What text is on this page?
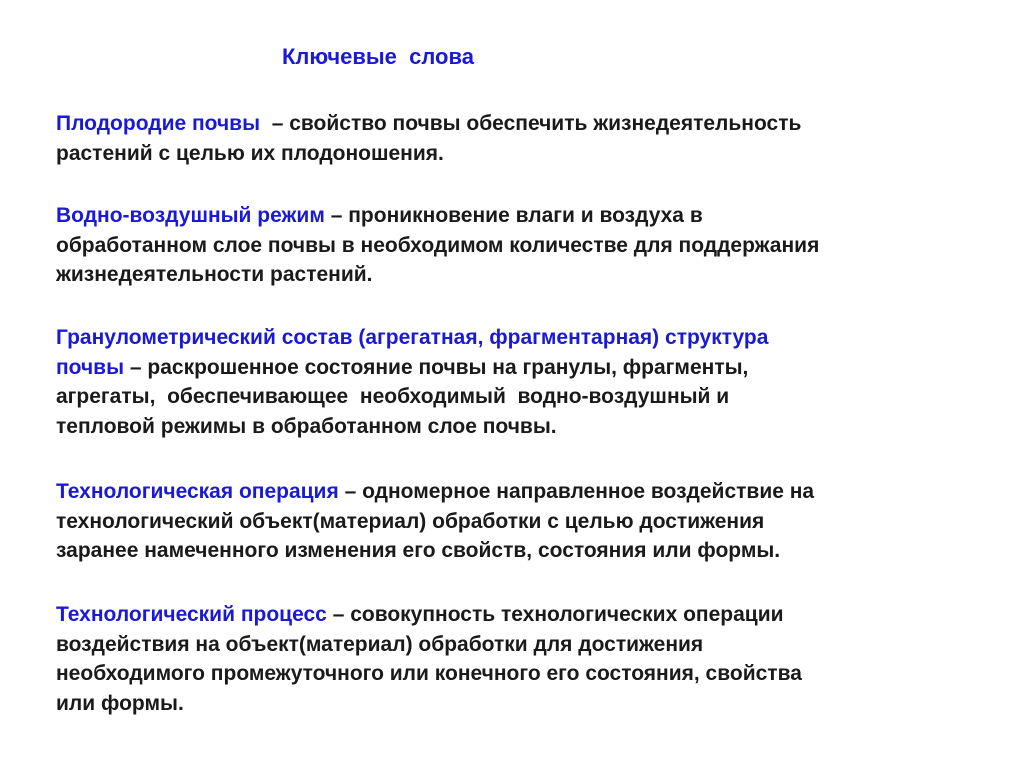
Ключевые  слова

Плодородие почвы  – свойство почвы обеспечить жизнедеятельность
растений с целью их плодоношения.

Водно-воздушный режим – проникновение влаги и воздуха в
обработанном слое почвы в необходимом количестве для поддержания
жизнедеятельности растений.

Гранулометрический состав (агрегатная, фрагментарная) структура
почвы – раскрошенное состояние почвы на гранулы, фрагменты,
агрегаты,  обеспечивающее  необходимый  водно-воздушный и
тепловой режимы в обработанном слое почвы.

Технологическая операция – одномерное направленное воздействие на
технологический объект(материал) обработки с целью достижения
заранее намеченного изменения его свойств, состояния или формы.

Технологический процесс – совокупность технологических операции
воздействия на объект(материал) обработки для достижения
необходимого промежуточного или конечного его состояния, свойства
или формы.
